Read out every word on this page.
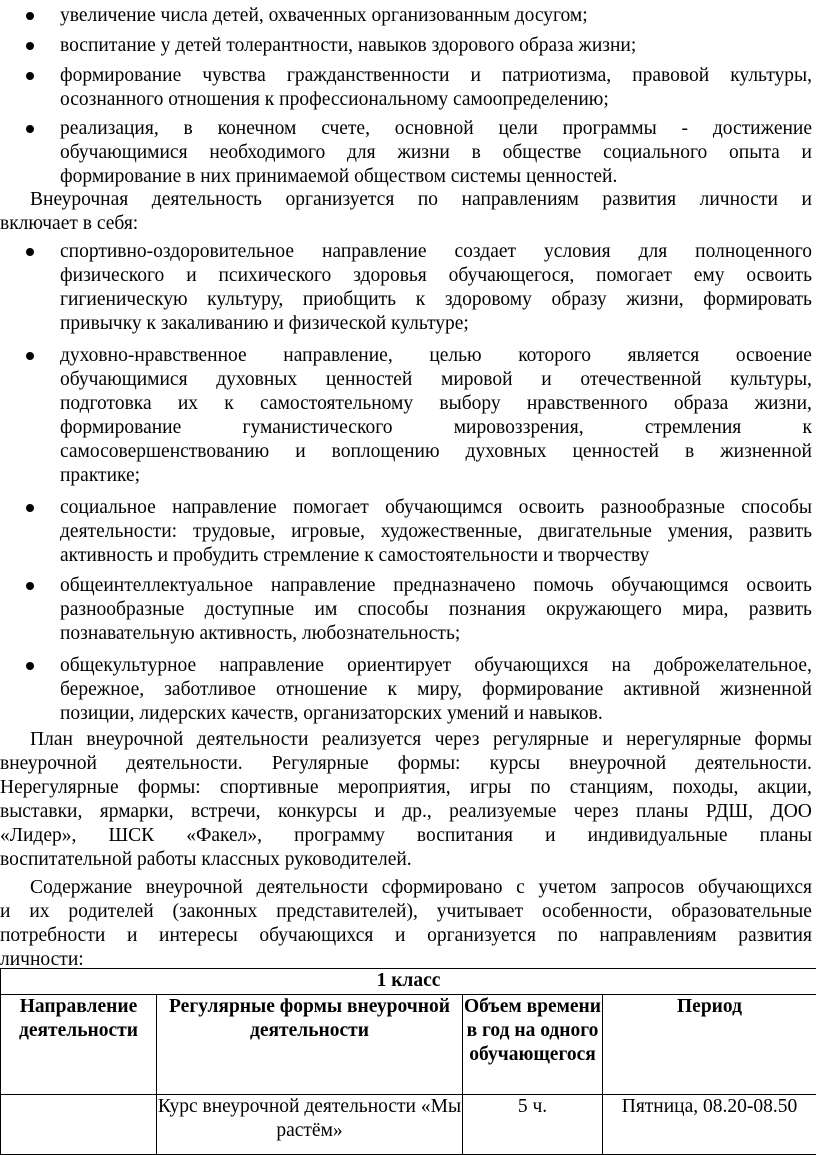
увеличение числа детей, охваченных организованным досугом;
воспитание у детей толерантности, навыков здорового образа жизни;
формирование чувства гражданственности и патриотизма, правовой культуры,
осознанного отношения к профессиональному самоопределению;
реализация, в конечном счете, основной цели программы - достижение
обучающимися необходимого для жизни в обществе социального опыта и
формирование в них принимаемой обществом системы ценностей.
Внеурочная деятельность организуется по направлениям развития личности и
включает в себя:
спортивно-оздоровительное направление создает условия для полноценного
физического и психического здоровья обучающегося, помогает ему освоить
гигиеническую культуру, приобщить к здоровому образу жизни, формировать
привычку к закаливанию и физической культуре;
духовно-нравственное направление, целью которого является освоение
обучающимися духовных ценностей мировой и отечественной культуры,
подготовка их к самостоятельному выбору нравственного образа жизни,
формирование	гуманистического	мировоззрения,	стремления	к
самосовершенствованию и воплощению духовных ценностей в жизненной
практике;
социальное направление помогает обучающимся освоить разнообразные способы
деятельности: трудовые, игровые, художественные, двигательные умения, развить
активность и пробудить стремление к самостоятельности и творчеству
общеинтеллектуальное направление предназначено помочь обучающимся освоить
разнообразные доступные им способы познания окружающего мира, развить
познавательную активность, любознательность;
общекультурное направление ориентирует обучающихся на доброжелательное,
бережное, заботливое отношение к миру, формирование активной жизненной
позиции, лидерских качеств, организаторских умений и навыков.
План внеурочной деятельности реализуется через регулярные и нерегулярные формы
внеурочной деятельности. Регулярные формы: курсы внеурочной деятельности.
Нерегулярные формы: спортивные мероприятия, игры по станциям, походы, акции,
выставки, ярмарки, встречи, конкурсы и др., реализуемые через планы РДШ, ДОО
«Лидер», ШСК «Факел», программу воспитания и индивидуальные планы
воспитательной работы классных руководителей.
Содержание внеурочной деятельности сформировано с учетом запросов обучающихся
и их родителей (законных представителей), учитывает особенности, образовательные
потребности и интересы обучающихся и организуется по направлениям развития
личности:
1 класс			
Направление деятельности	Регулярные формы внеурочной деятельности	Объем времени в год на одного обучающегося	Период
	Курс внеурочной деятельности «Мы растём»	5 ч.	Пятница, 08.20-08.50
